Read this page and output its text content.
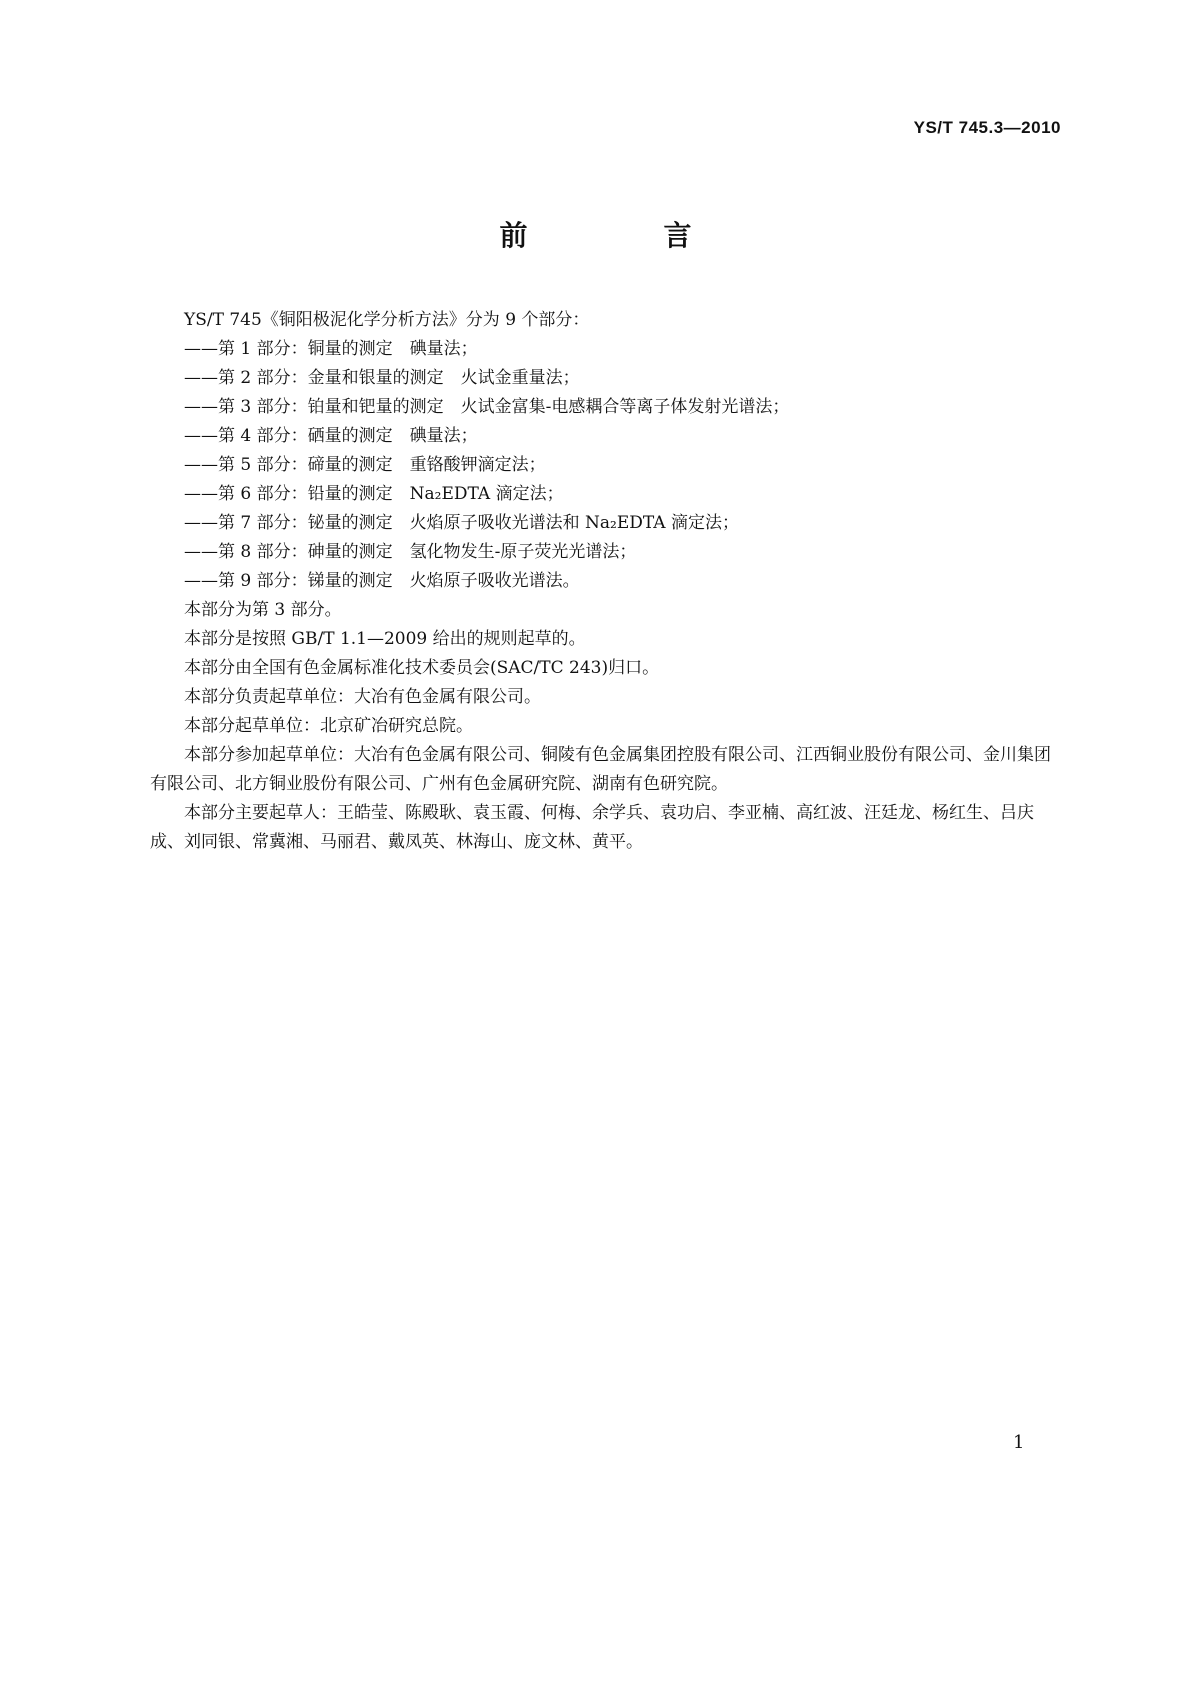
YS/T 745.3—2010
前　言

YS/T 745《铜阳极泥化学分析方法》分为 9 个部分：

——第 1 部分：铜量的测定　碘量法；

——第 2 部分：金量和银量的测定　火试金重量法；

——第 3 部分：铂量和钯量的测定　火试金富集-电感耦合等离子体发射光谱法；

——第 4 部分：硒量的测定　碘量法；

——第 5 部分：碲量的测定　重铬酸钾滴定法；

——第 6 部分：铅量的测定　Na₂EDTA 滴定法；

——第 7 部分：铋量的测定　火焰原子吸收光谱法和 Na₂EDTA 滴定法；

——第 8 部分：砷量的测定　氢化物发生-原子荧光光谱法；

——第 9 部分：锑量的测定　火焰原子吸收光谱法。

本部分为第 3 部分。

本部分是按照 GB/T 1.1—2009 给出的规则起草的。

本部分由全国有色金属标准化技术委员会(SAC/TC 243)归口。

本部分负责起草单位：大冶有色金属有限公司。

本部分起草单位：北京矿冶研究总院。

本部分参加起草单位：大冶有色金属有限公司、铜陵有色金属集团控股有限公司、江西铜业股份有限公司、金川集团有限公司、北方铜业股份有限公司、广州有色金属研究院、湖南有色研究院。

本部分主要起草人：王皓莹、陈殿耿、袁玉霞、何梅、余学兵、袁功启、李亚楠、高红波、汪廷龙、杨红生、吕庆成、刘同银、常冀湘、马丽君、戴凤英、林海山、庞文林、黄平。

1
